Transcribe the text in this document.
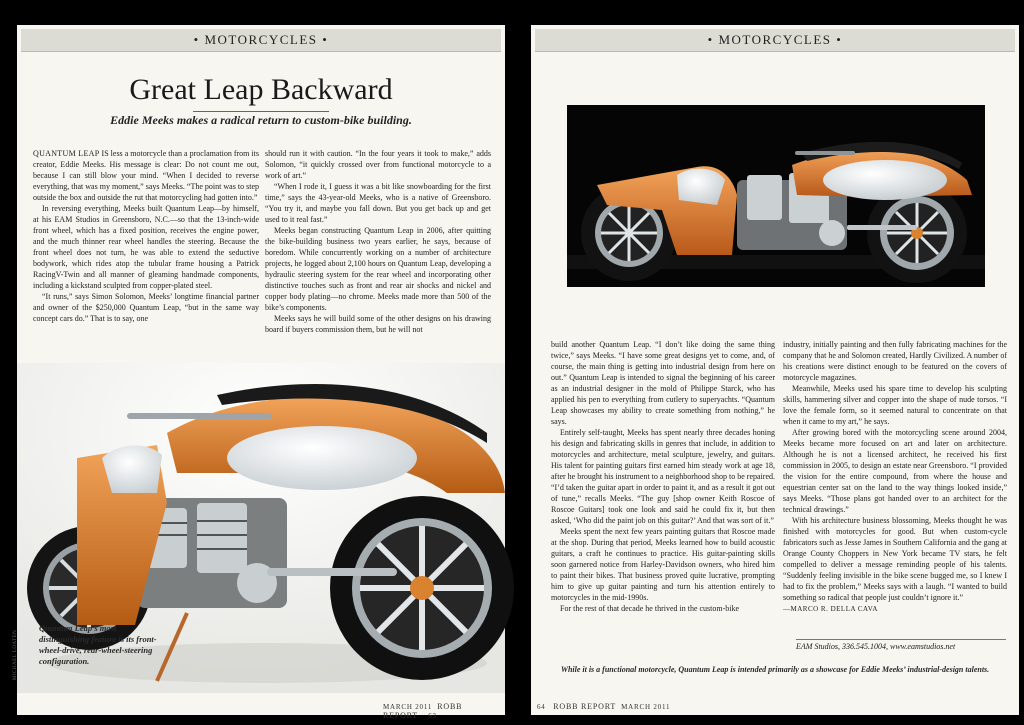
• MOTORCYCLES •
Great Leap Backward
Eddie Meeks makes a radical return to custom-bike building.

QUANTUM LEAP IS less a motorcycle than a proclamation from its creator, Eddie Meeks. His message is clear: Do not count me out, because I can still blow your mind. “When I decided to reverse everything, that was my moment,” says Meeks. “The point was to step outside the box and outside the rut that motorcycling had gotten into.”

In reversing everything, Meeks built Quantum Leap—by himself, at his EAM Studios in Greensboro, N.C.—so that the 13-inch-wide front wheel, which has a fixed position, receives the engine power, and the much thinner rear wheel handles the steering. Because the front wheel does not turn, he was able to extend the seductive bodywork, which rides atop the tubular frame housing a Patrick RacingV-Twin and all manner of gleaming handmade components, including a kickstand sculpted from copper-plated steel.

“It runs,” says Simon Solomon, Meeks’ longtime financial partner and owner of the $250,000 Quantum Leap, “but in the same way concept cars do.” That is to say, one

should run it with caution. “In the four years it took to make,” adds Solomon, “it quickly crossed over from functional motorcycle to a work of art.”

“When I rode it, I guess it was a bit like snowboarding for the first time,” says the 43-year-old Meeks, who is a native of Greensboro. “You try it, and maybe you fall down. But you get back up and get used to it real fast.”

Meeks began constructing Quantum Leap in 2006, after quitting the bike-building business two years earlier, he says, because of boredom. While concurrently working on a number of architecture projects, he logged about 2,100 hours on Quantum Leap, developing a hydraulic steering system for the rear wheel and incorporating other distinctive touches such as front and rear air shocks and nickel and copper body plating—no chrome. Meeks made more than 500 of the bike’s components.

Meeks says he will build some of the other designs on his drawing board if buyers commission them, but he will not

Quantum Leap’s most distinguishing feature is its front-wheel-drive, rear-wheel-steering configuration.
MICHAEL LOATEN
MARCH 2011 ROBB REPORT 63
• MOTORCYCLES •

build another Quantum Leap. “I don’t like doing the same thing twice,” says Meeks. “I have some great designs yet to come, and, of course, the main thing is getting into industrial design from here on out.” Quantum Leap is intended to signal the beginning of his career as an industrial designer in the mold of Philippe Starck, who has applied his pen to everything from cutlery to superyachts. “Quantum Leap showcases my ability to create something from nothing,” he says.

Entirely self-taught, Meeks has spent nearly three decades honing his design and fabricating skills in genres that include, in addition to motorcycles and architecture, metal sculpture, jewelry, and guitars. His talent for painting guitars first earned him steady work at age 18, after he brought his instrument to a neighborhood shop to be repaired. “I’d taken the guitar apart in order to paint it, and as a result it got out of tune,” recalls Meeks. “The guy [shop owner Keith Roscoe of Roscoe Guitars] took one look and said he could fix it, but then asked, ‘Who did the paint job on this guitar?’ And that was sort of it.”

Meeks spent the next few years painting guitars that Roscoe made at the shop. During that period, Meeks learned how to build acoustic guitars, a craft he continues to practice. His guitar-painting skills soon garnered notice from Harley-Davidson owners, who hired him to paint their bikes. That business proved quite lucrative, prompting him to give up guitar painting and turn his attention entirely to motorcycles in the mid-1990s.

For the rest of that decade he thrived in the custom-bike

industry, initially painting and then fully fabricating machines for the company that he and Solomon created, Hardly Civilized. A number of his creations were distinct enough to be featured on the covers of motorcycle magazines.

Meanwhile, Meeks used his spare time to develop his sculpting skills, hammering silver and copper into the shape of nude torsos. “I love the female form, so it seemed natural to concentrate on that when it came to my art,” he says.

After growing bored with the motorcycling scene around 2004, Meeks became more focused on art and later on architecture. Although he is not a licensed architect, he received his first commission in 2005, to design an estate near Greensboro. “I provided the vision for the entire compound, from where the house and equestrian center sat on the land to the way things looked inside,” says Meeks. “Those plans got handed over to an architect for the technical drawings.”

With his architecture business blossoming, Meeks thought he was finished with motorcycles for good. But when custom-cycle fabricators such as Jesse James in Southern California and the gang at Orange County Choppers in New York became TV stars, he felt compelled to deliver a message reminding people of his talents. “Suddenly feeling invisible in the bike scene bugged me, so I knew I had to fix the problem,” Meeks says with a laugh. “I wanted to build something so radical that people just couldn’t ignore it.”

—MARCO R. DELLA CAVA
EAM Studios, 336.545.1004, www.eamstudios.net
While it is a functional motorcycle, Quantum Leap is intended primarily as a showcase for Eddie Meeks’ industrial-design talents.
64 ROBB REPORT MARCH 2011
